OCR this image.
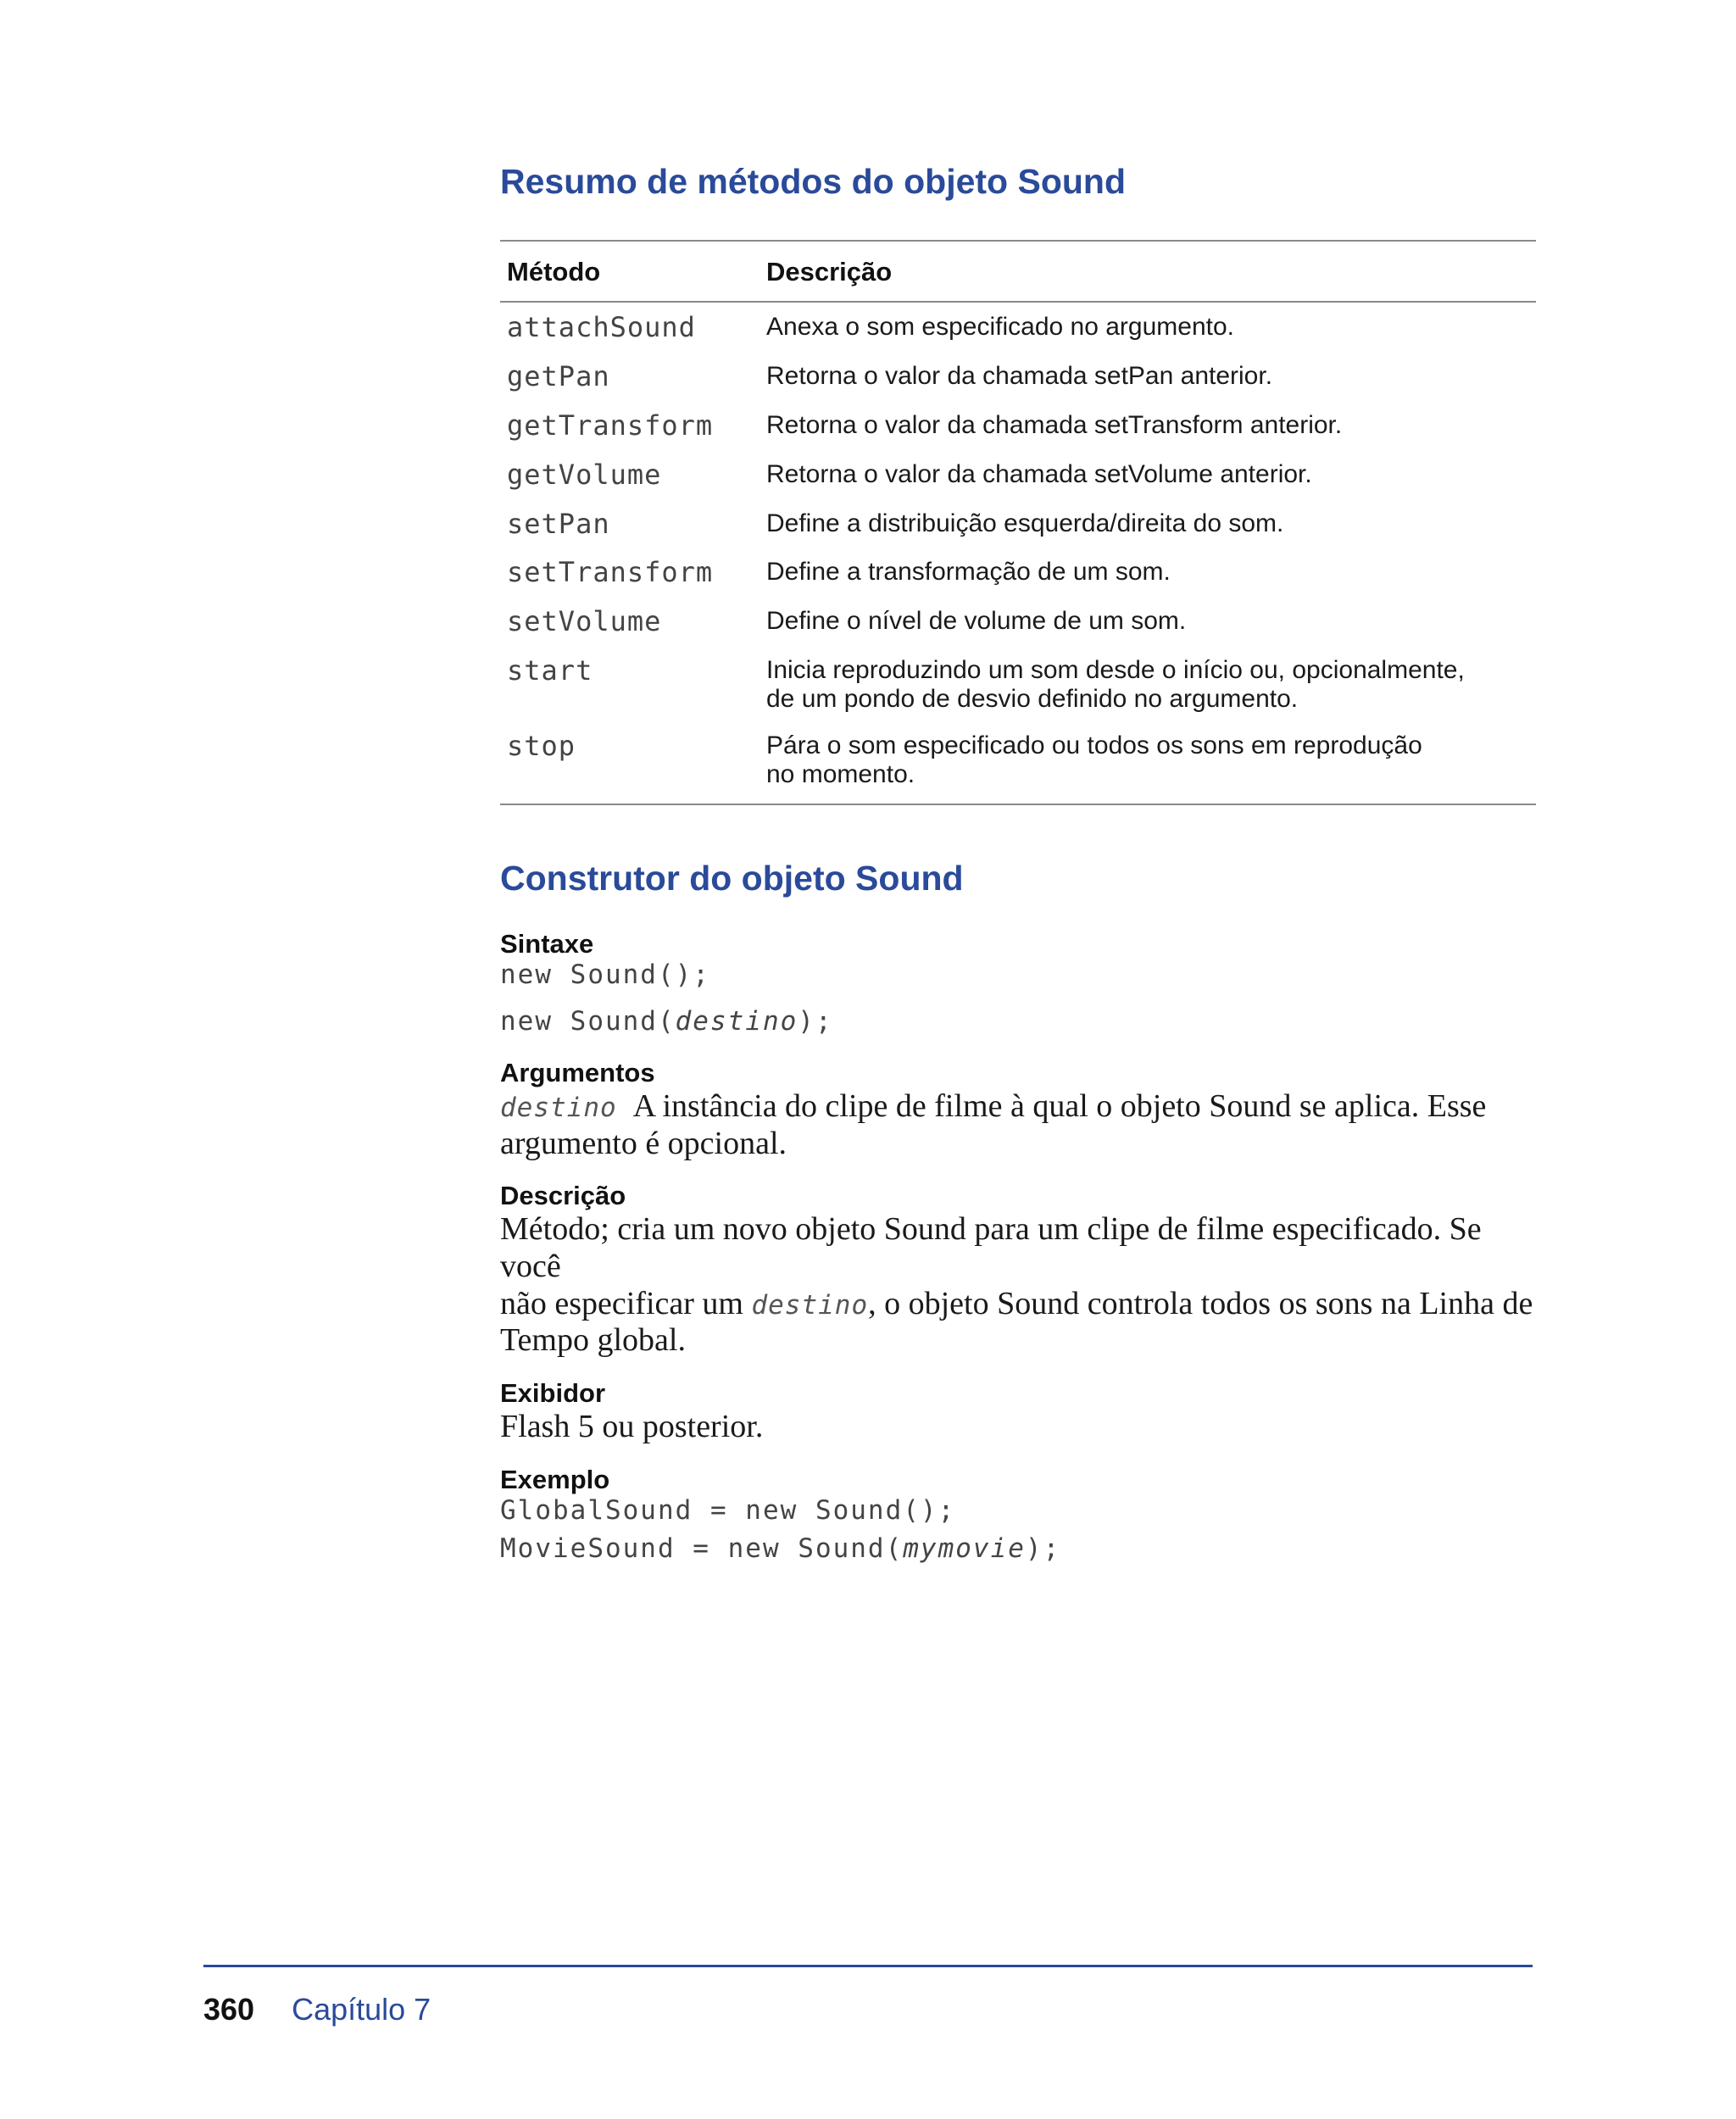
Resumo de métodos do objeto Sound
Método	Descrição
attachSound	Anexa o som especificado no argumento.
getPan	Retorna o valor da chamada setPan anterior.
getTransform	Retorna o valor da chamada setTransform anterior.
getVolume	Retorna o valor da chamada setVolume anterior.
setPan	Define a distribuição esquerda/direita do som.
setTransform	Define a transformação de um som.
setVolume	Define o nível de volume de um som.
start	Inicia reproduzindo um som desde o início ou, opcionalmente,
de um pondo de desvio definido no argumento.
stop	Pára o som especificado ou todos os sons em reprodução
no momento.
Construtor do objeto Sound
Sintaxe

new Sound();

new Sound(destino);

Argumentos

destino A instância do clipe de filme à qual o objeto Sound se aplica. Esse
argumento é opcional.

Descrição

Método; cria um novo objeto Sound para um clipe de filme especificado. Se você
não especificar um destino, o objeto Sound controla todos os sons na Linha de
Tempo global.

Exibidor

Flash 5 ou posterior.

Exemplo

GlobalSound = new Sound();

MovieSound = new Sound(mymovie);

360 Capítulo 7
